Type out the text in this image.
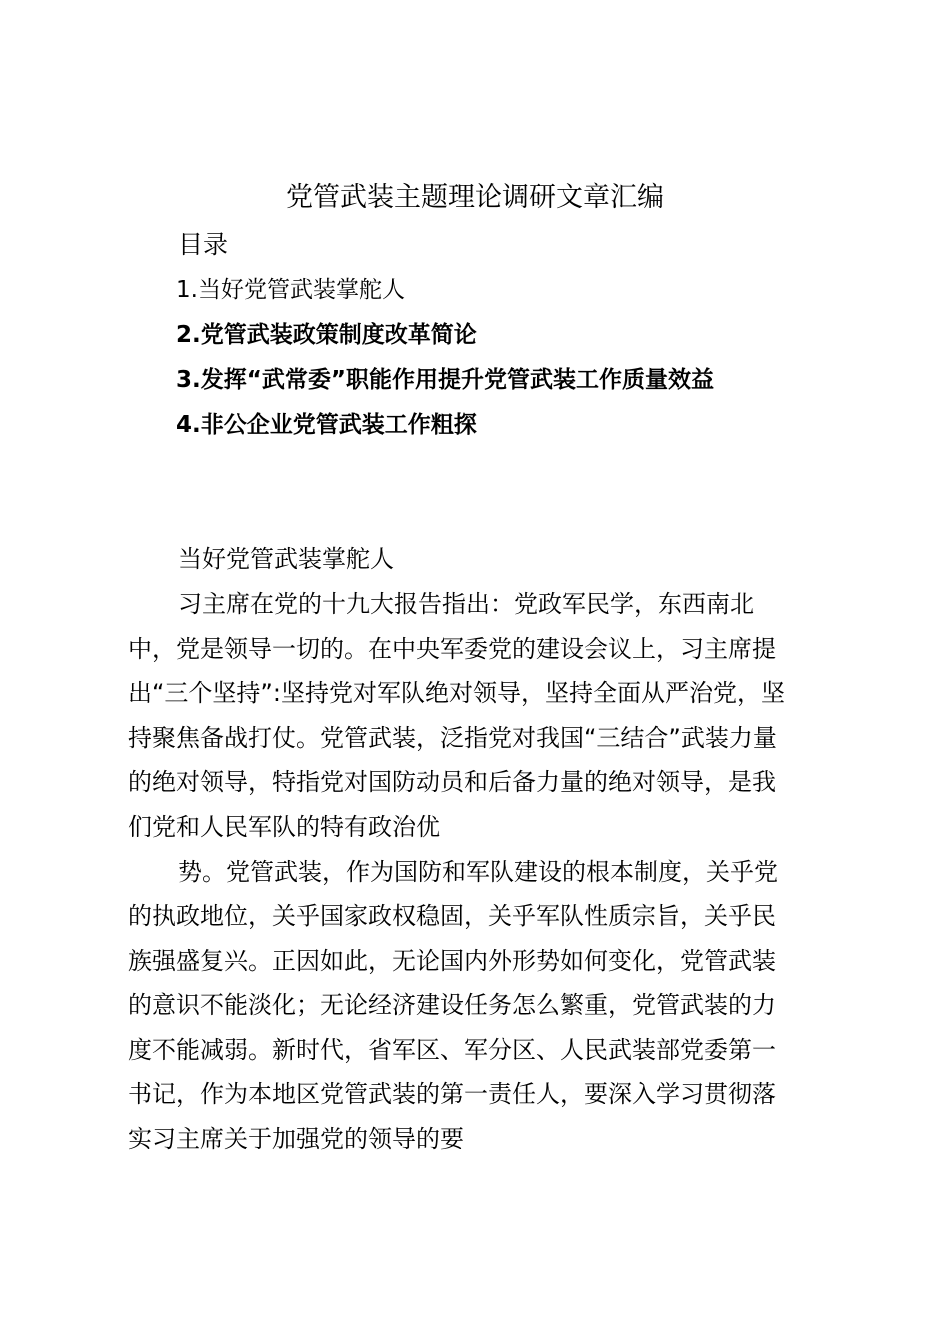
党管武装主题理论调研文章汇编
目录
1.当好党管武装掌舵人
2.党管武装政策制度改革简论
3.发挥“武常委”职能作用提升党管武装工作质量效益
4.非公企业党管武装工作粗探
当好党管武装掌舵人
习主席在党的十九大报告指出：党政军民学，东西南北
中，党是领导一切的。在中央军委党的建设会议上，习主席提
出“三个坚持”:坚持党对军队绝对领导，坚持全面从严治党，坚
持聚焦备战打仗。党管武装，泛指党对我国“三结合”武装力量
的绝对领导，特指党对国防动员和后备力量的绝对领导，是我
们党和人民军队的特有政治优
势。党管武装，作为国防和军队建设的根本制度，关乎党
的执政地位，关乎国家政权稳固，关乎军队性质宗旨，关乎民
族强盛复兴。正因如此，无论国内外形势如何变化，党管武装
的意识不能淡化；无论经济建设任务怎么繁重，党管武装的力
度不能减弱。新时代，省军区、军分区、人民武装部党委第一
书记，作为本地区党管武装的第一责任人，要深入学习贯彻落
实习主席关于加强党的领导的要
